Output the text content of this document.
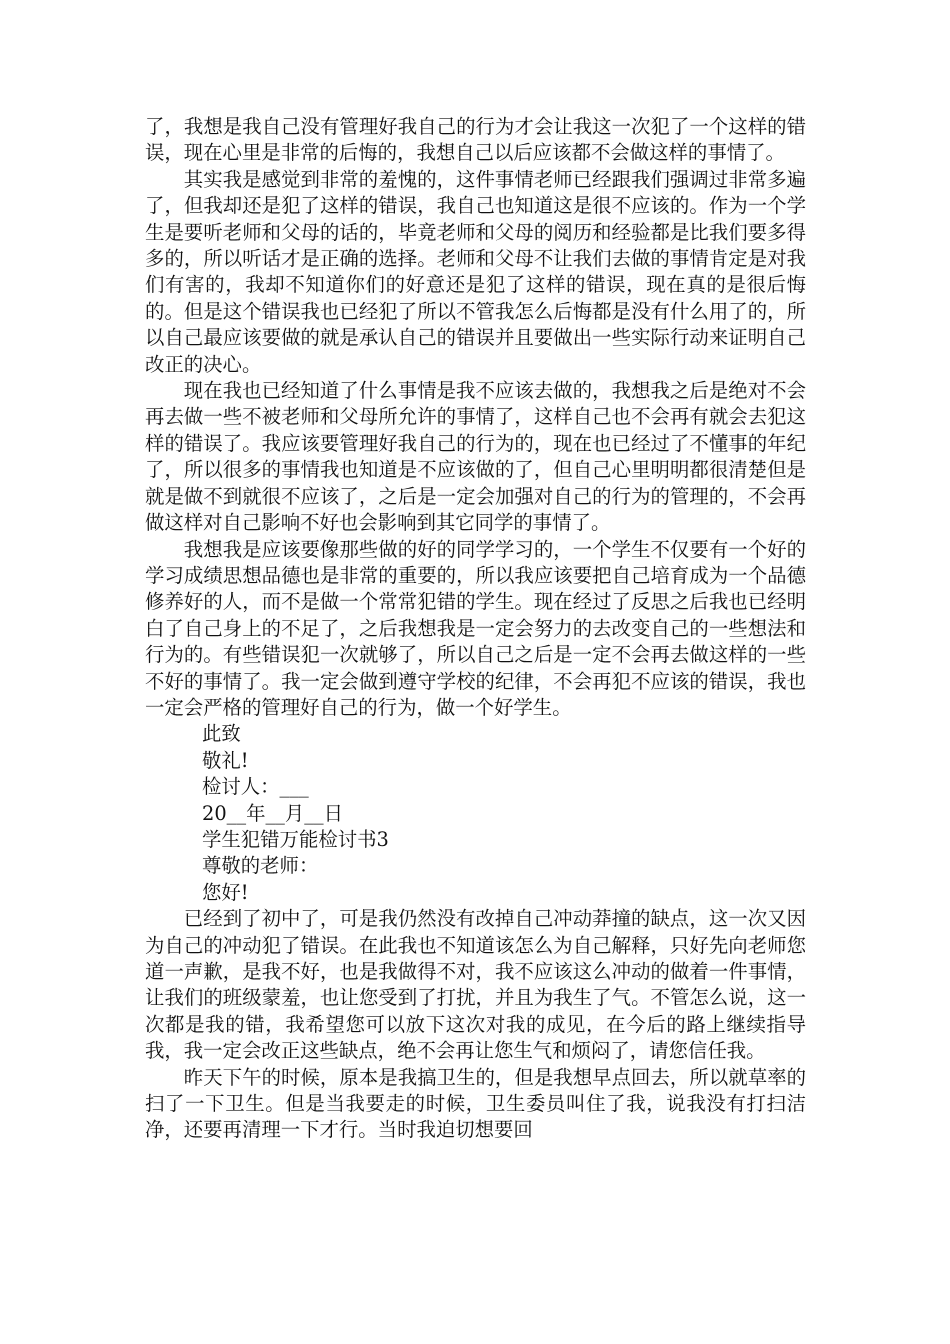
了，我想是我自己没有管理好我自己的行为才会让我这一次犯了一个这样的错误，现在心里是非常的后悔的，我想自己以后应该都不会做这样的事情了。

其实我是感觉到非常的羞愧的，这件事情老师已经跟我们强调过非常多遍了，但我却还是犯了这样的错误，我自己也知道这是很不应该的。作为一个学生是要听老师和父母的话的，毕竟老师和父母的阅历和经验都是比我们要多得多的，所以听话才是正确的选择。老师和父母不让我们去做的事情肯定是对我们有害的，我却不知道你们的好意还是犯了这样的错误，现在真的是很后悔的。但是这个错误我也已经犯了所以不管我怎么后悔都是没有什么用了的，所以自己最应该要做的就是承认自己的错误并且要做出一些实际行动来证明自己改正的决心。

现在我也已经知道了什么事情是我不应该去做的，我想我之后是绝对不会再去做一些不被老师和父母所允许的事情了，这样自己也不会再有就会去犯这样的错误了。我应该要管理好我自己的行为的，现在也已经过了不懂事的年纪了，所以很多的事情我也知道是不应该做的了，但自己心里明明都很清楚但是就是做不到就很不应该了，之后是一定会加强对自己的行为的管理的，不会再做这样对自己影响不好也会影响到其它同学的事情了。

我想我是应该要像那些做的好的同学学习的，一个学生不仅要有一个好的学习成绩思想品德也是非常的重要的，所以我应该要把自己培育成为一个品德修养好的人，而不是做一个常常犯错的学生。现在经过了反思之后我也已经明白了自己身上的不足了，之后我想我是一定会努力的去改变自己的一些想法和行为的。有些错误犯一次就够了，所以自己之后是一定不会再去做这样的一些不好的事情了。我一定会做到遵守学校的纪律，不会再犯不应该的错误，我也一定会严格的管理好自己的行为，做一个好学生。

此致

敬礼!

检讨人：___

20__年__月__日

学生犯错万能检讨书3

尊敬的老师：

您好!

已经到了初中了，可是我仍然没有改掉自己冲动莽撞的缺点，这一次又因为自己的冲动犯了错误。在此我也不知道该怎么为自己解释，只好先向老师您道一声歉，是我不好，也是我做得不对，我不应该这么冲动的做着一件事情，让我们的班级蒙羞，也让您受到了打扰，并且为我生了气。不管怎么说，这一次都是我的错，我希望您可以放下这次对我的成见，在今后的路上继续指导我，我一定会改正这些缺点，绝不会再让您生气和烦闷了，请您信任我。

昨天下午的时候，原本是我搞卫生的，但是我想早点回去，所以就草率的扫了一下卫生。但是当我要走的时候，卫生委员叫住了我，说我没有打扫洁净，还要再清理一下才行。当时我迫切想要回
